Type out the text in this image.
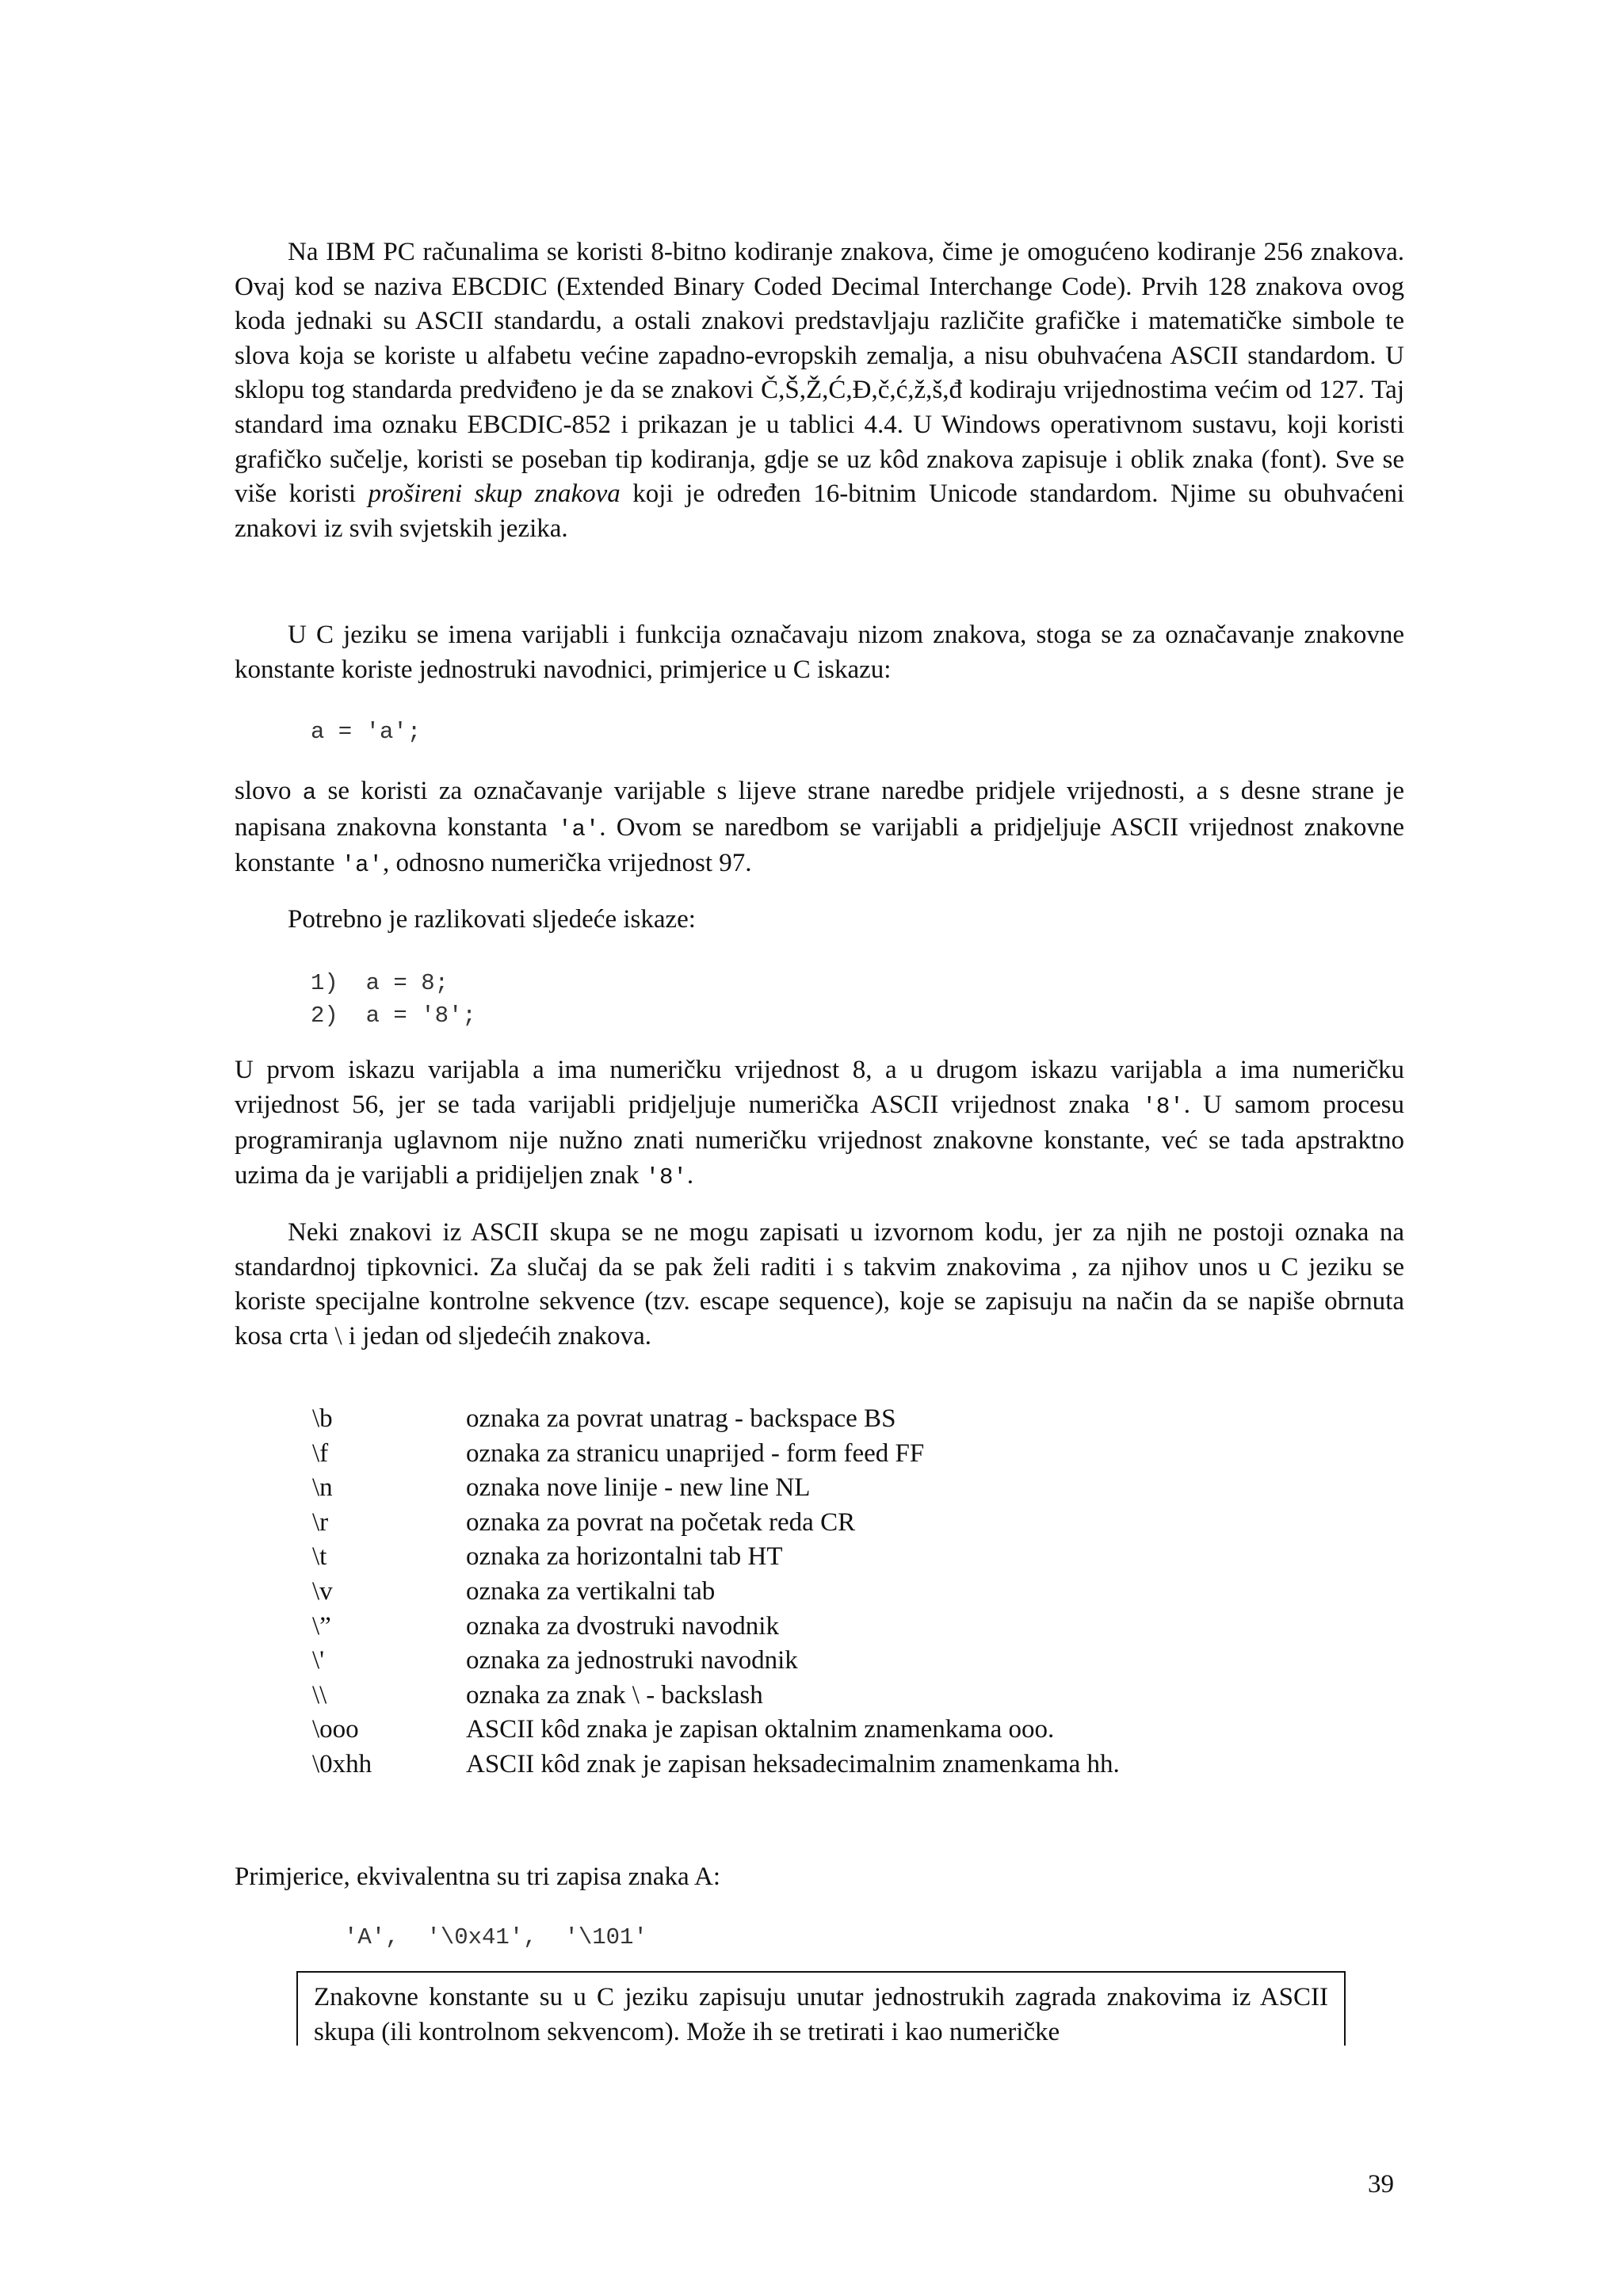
Na IBM PC računalima se koristi 8-bitno kodiranje znakova, čime je omogućeno kodiranje 256 znakova. Ovaj kod se naziva EBCDIC (Extended Binary Coded Decimal Interchange Code). Prvih 128 znakova ovog koda jednaki su ASCII standardu, a ostali znakovi predstavljaju različite grafičke i matematičke simbole te slova koja se koriste u alfabetu većine zapadno-evropskih zemalja, a nisu obuhvaćena ASCII standardom. U sklopu tog standarda predviđeno je da se znakovi Č,Š,Ž,Ć,Đ,č,ć,ž,š,đ kodiraju vrijednostima većim od 127. Taj standard ima oznaku EBCDIC-852 i prikazan je u tablici 4.4. U Windows operativnom sustavu, koji koristi grafičko sučelje, koristi se poseban tip kodiranja, gdje se uz kôd znakova zapisuje i oblik znaka (font). Sve se više koristi prošireni skup znakova koji je određen 16-bitnim Unicode standardom. Njime su obuhvaćeni znakovi iz svih svjetskih jezika.

U C jeziku se imena varijabli i funkcija označavaju nizom znakova, stoga se za označavanje znakovne konstante koriste jednostruki navodnici, primjerice u C iskazu:

a = 'a';

slovo a se koristi za označavanje varijable s lijeve strane naredbe pridjele vrijednosti, a s desne strane je napisana znakovna konstanta 'a'. Ovom se naredbom se varijabli a pridjeljuje ASCII vrijednost znakovne konstante 'a', odnosno numerička vrijednost 97.

Potrebno je razlikovati sljedeće iskaze:

1)  a = 8;
2)  a = '8';

U prvom iskazu varijabla a ima numeričku vrijednost 8, a u drugom iskazu varijabla a ima numeričku vrijednost 56, jer se tada varijabli pridjeljuje numerička ASCII vrijednost znaka '8'. U samom procesu programiranja uglavnom nije nužno znati numeričku vrijednost znakovne konstante, već se tada apstraktno uzima da je varijabli a pridijeljen znak '8'.

Neki znakovi iz ASCII skupa se ne mogu zapisati u izvornom kodu, jer za njih ne postoji oznaka na standardnoj tipkovnici. Za slučaj da se pak želi raditi i s takvim znakovima , za njihov unos u C jeziku se koriste specijalne kontrolne sekvence (tzv. escape sequence), koje se zapisuju na način da se napiše obrnuta kosa crta \ i jedan od sljedećih znakova.

\b	oznaka za povrat unatrag - backspace BS
\f	oznaka za stranicu unaprijed - form feed FF
\n	oznaka nove linije - new line NL
\r	oznaka za povrat na početak reda CR
\t	oznaka za horizontalni tab HT
\v	oznaka za vertikalni tab
\”	oznaka za dvostruki navodnik
\'	oznaka za jednostruki navodnik
\\	oznaka za znak \ - backslash
\ooo	ASCII kôd znaka je zapisan oktalnim znamenkama ooo.
\0xhh	ASCII kôd znak je zapisan heksadecimalnim znamenkama hh.

Primjerice, ekvivalentna su tri zapisa znaka A:

'A',  '\0x41',  '\101'
Znakovne konstante su u C jeziku zapisuju unutar jednostrukih zagrada znakovima iz ASCII skupa (ili kontrolnom sekvencom). Može ih se tretirati i kao numeričke
39
